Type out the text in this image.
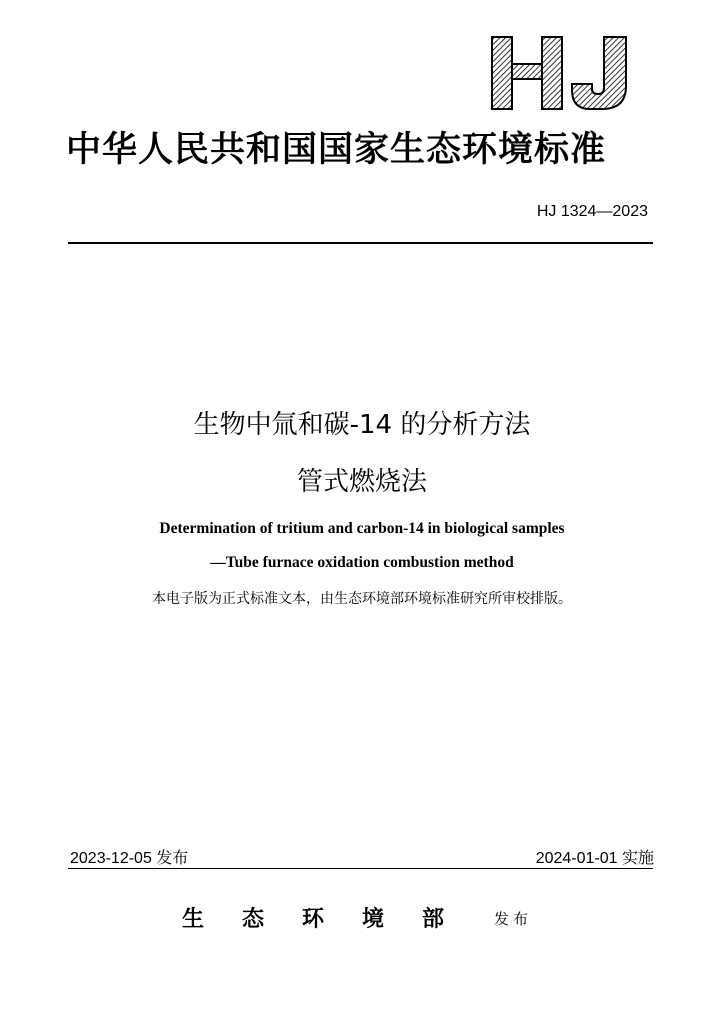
中华人民共和国国家生态环境标准
HJ 1324—2023
生物中氚和碳-14 的分析方法
管式燃烧法
Determination of tritium and carbon-14 in biological samples
—Tube furnace oxidation combustion method
本电子版为正式标准文本，由生态环境部环境标准研究所审校排版。
2023-12-05 发布	2024-01-01 实施
生态环境部 发布
